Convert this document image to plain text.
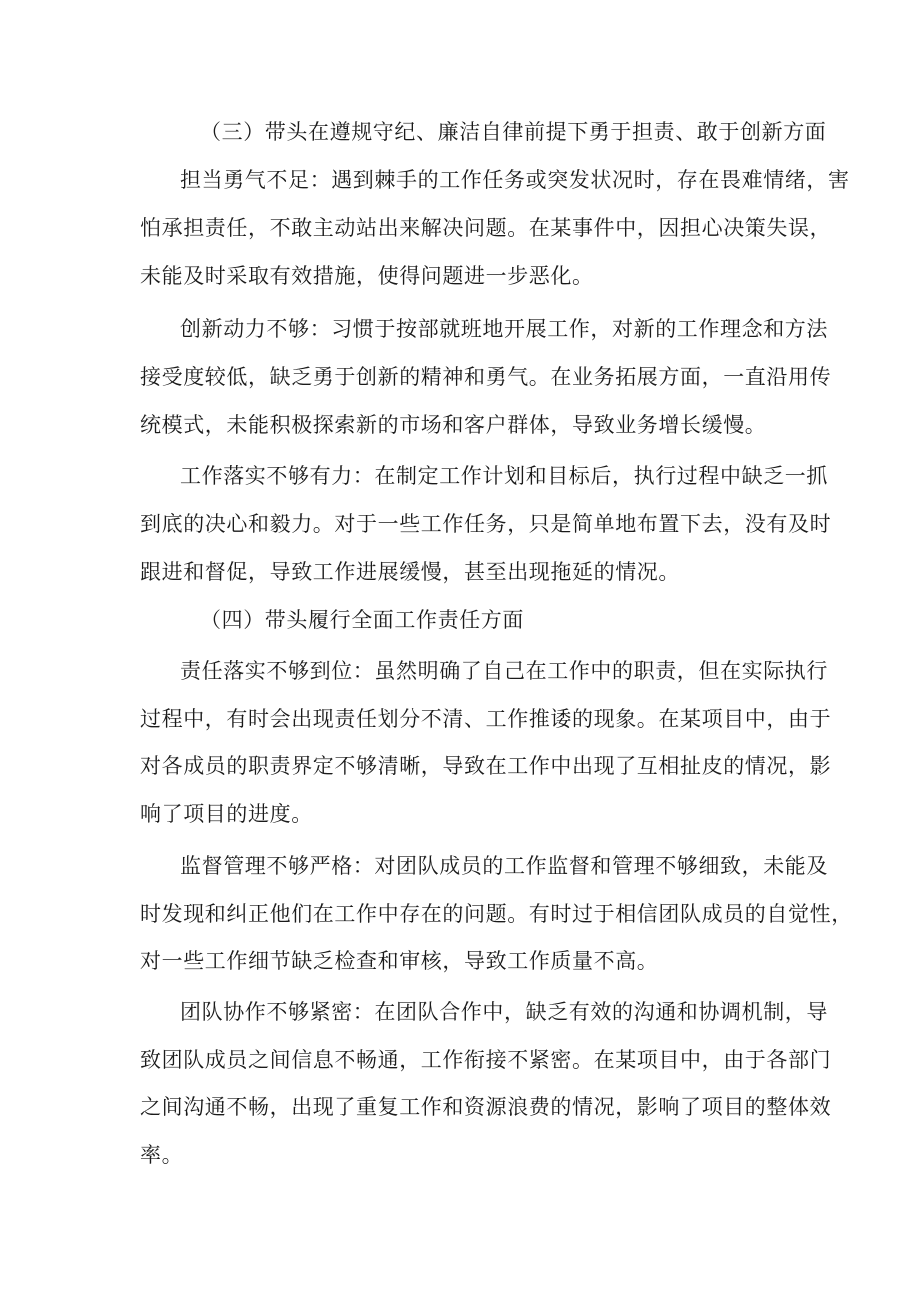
（三）带头在遵规守纪、廉洁自律前提下勇于担责、敢于创新方面
担当勇气不足：遇到棘手的工作任务或突发状况时，存在畏难情绪，害
怕承担责任，不敢主动站出来解决问题。在某事件中，因担心决策失误，
未能及时采取有效措施，使得问题进一步恶化。
创新动力不够：习惯于按部就班地开展工作，对新的工作理念和方法
接受度较低，缺乏勇于创新的精神和勇气。在业务拓展方面，一直沿用传
统模式，未能积极探索新的市场和客户群体，导致业务增长缓慢。
工作落实不够有力：在制定工作计划和目标后，执行过程中缺乏一抓
到底的决心和毅力。对于一些工作任务，只是简单地布置下去，没有及时
跟进和督促，导致工作进展缓慢，甚至出现拖延的情况。
（四）带头履行全面工作责任方面
责任落实不够到位：虽然明确了自己在工作中的职责，但在实际执行
过程中，有时会出现责任划分不清、工作推诿的现象。在某项目中，由于
对各成员的职责界定不够清晰，导致在工作中出现了互相扯皮的情况，影
响了项目的进度。
监督管理不够严格：对团队成员的工作监督和管理不够细致，未能及
时发现和纠正他们在工作中存在的问题。有时过于相信团队成员的自觉性，
对一些工作细节缺乏检查和审核，导致工作质量不高。
团队协作不够紧密：在团队合作中，缺乏有效的沟通和协调机制，导
致团队成员之间信息不畅通，工作衔接不紧密。在某项目中，由于各部门
之间沟通不畅，出现了重复工作和资源浪费的情况，影响了项目的整体效
率。
